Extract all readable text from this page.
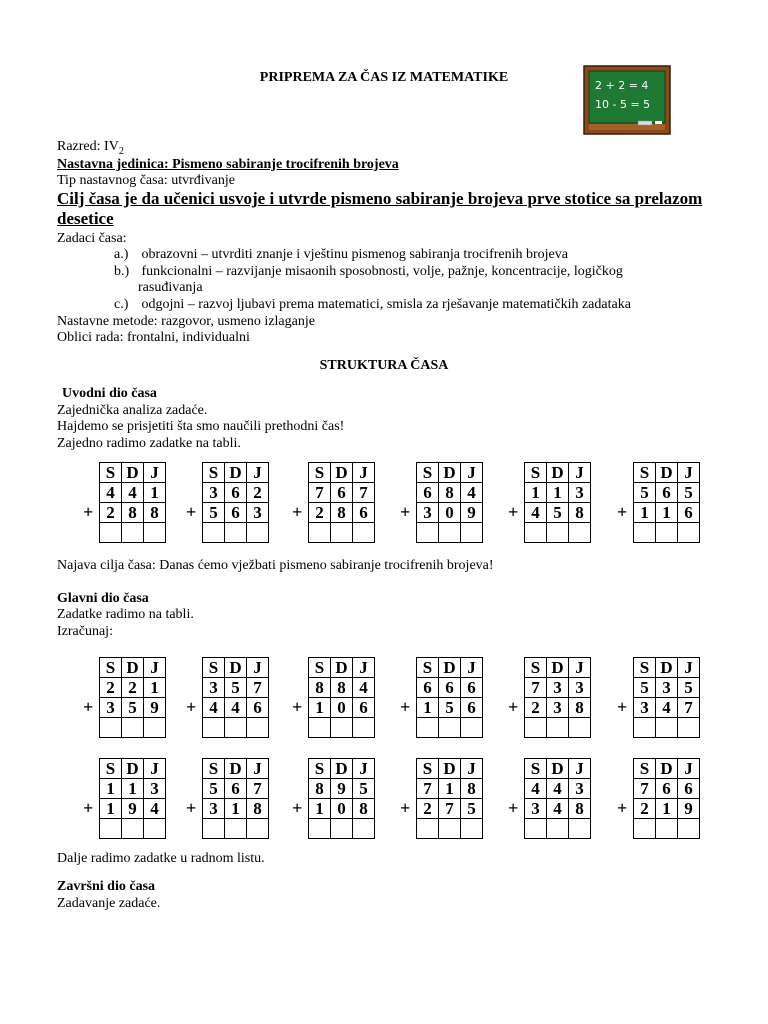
PRIPREMA ZA ČAS IZ MATEMATIKE
2 + 2 = 4
10 - 5 = 5
Razred: $IV_2$
Nastavna jedinica: Pismeno sabiranje trocifrenih brojeva
Tip nastavnog časa: utvrđivanje
Cilj časa je da učenici usvoje i utvrde pismeno sabiranje brojeva prve stotice sa prelazom desetice
Zadaci časa:
a.) obrazovni – utvrditi znanje i vještinu pismenog sabiranja trocifrenih brojeva
b.) funkcionalni – razvijanje misaonih sposobnosti, volje, pažnje, koncentracije, logičkog
rasuđivanja
c.) odgojni – razvoj ljubavi prema matematici, smisla za rješavanje matematičkih zadataka
Nastavne metode: razgovor, usmeno izlaganje
Oblici rada: frontalni, individualni
STRUKTURA ČASA
Uvodni dio časa
Zajednička analiza zadaće.
Hajdemo se prisjetiti šta smo naučili prethodni čas!
Zajedno radimo zadatke na tabli.
+
S D J
4 4 1
2 8 8	+
S D J
3 6 2
5 6 3	+
S D J
7 6 7
2 8 6	+
S D J
6 8 4
3 0 9	+
S D J
1 1 3
4 5 8	+
S D J
5 6 5
1 1 6
Najava cilja časa: Danas ćemo vježbati pismeno sabiranje trocifrenih brojeva!
Glavni dio časa
Zadatke radimo na tabli.
Izračunaj:
+
S D J
2 2 1
3 5 9	+
S D J
3 5 7
4 4 6	+
S D J
8 8 4
1 0 6	+
S D J
6 6 6
1 5 6	+
S D J
7 3 3
2 3 8	+
S D J
5 3 5
3 4 7
+
S D J
1 1 3
1 9 4	+
S D J
5 6 7
3 1 8	+
S D J
8 9 5
1 0 8	+
S D J
7 1 8
2 7 5	+
S D J
4 4 3
3 4 8	+
S D J
7 6 6
2 1 9
Dalje radimo zadatke u radnom listu.
Završni dio časa
Zadavanje zadaće.
